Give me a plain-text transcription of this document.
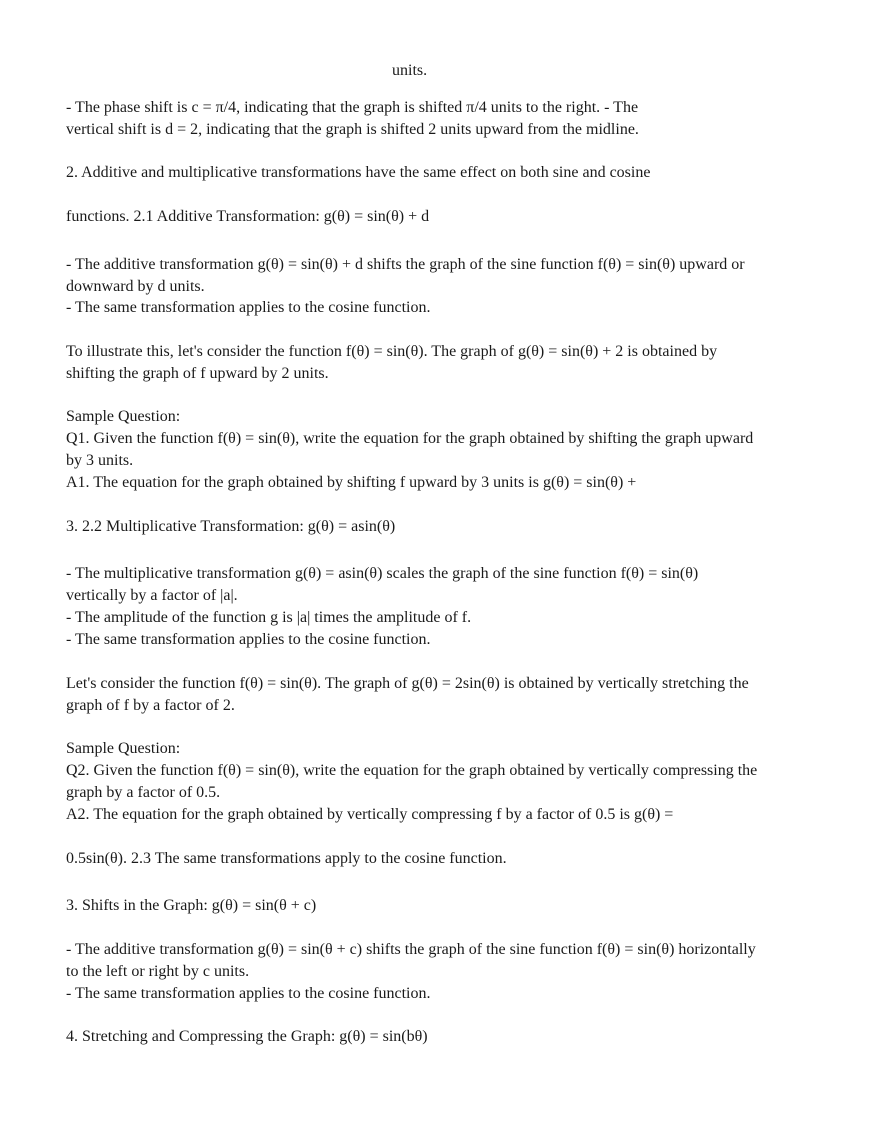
units.

- The phase shift is c = π/4, indicating that the graph is shifted π/4 units to the right. - The

vertical shift is d = 2, indicating that the graph is shifted 2 units upward from the midline.

2. Additive and multiplicative transformations have the same effect on both sine and cosine

functions. 2.1 Additive Transformation: g(θ) = sin(θ) + d

- The additive transformation g(θ) = sin(θ) + d shifts the graph of the sine function f(θ) = sin(θ) upward or

downward by d units.

- The same transformation applies to the cosine function.

To illustrate this, let's consider the function f(θ) = sin(θ). The graph of g(θ) = sin(θ) + 2 is obtained by

shifting the graph of f upward by 2 units.

Sample Question:

Q1. Given the function f(θ) = sin(θ), write the equation for the graph obtained by shifting the graph upward

by 3 units.

A1. The equation for the graph obtained by shifting f upward by 3 units is g(θ) = sin(θ) +

3. 2.2 Multiplicative Transformation: g(θ) = asin(θ)

- The multiplicative transformation g(θ) = asin(θ) scales the graph of the sine function f(θ) = sin(θ)

vertically by a factor of |a|.

- The amplitude of the function g is |a| times the amplitude of f.

- The same transformation applies to the cosine function.

Let's consider the function f(θ) = sin(θ). The graph of g(θ) = 2sin(θ) is obtained by vertically stretching the

graph of f by a factor of 2.

Sample Question:

Q2. Given the function f(θ) = sin(θ), write the equation for the graph obtained by vertically compressing the

graph by a factor of 0.5.

A2. The equation for the graph obtained by vertically compressing f by a factor of 0.5 is g(θ) =

0.5sin(θ). 2.3 The same transformations apply to the cosine function.

3. Shifts in the Graph: g(θ) = sin(θ + c)

- The additive transformation g(θ) = sin(θ + c) shifts the graph of the sine function f(θ) = sin(θ) horizontally

to the left or right by c units.

- The same transformation applies to the cosine function.

4. Stretching and Compressing the Graph: g(θ) = sin(bθ)
